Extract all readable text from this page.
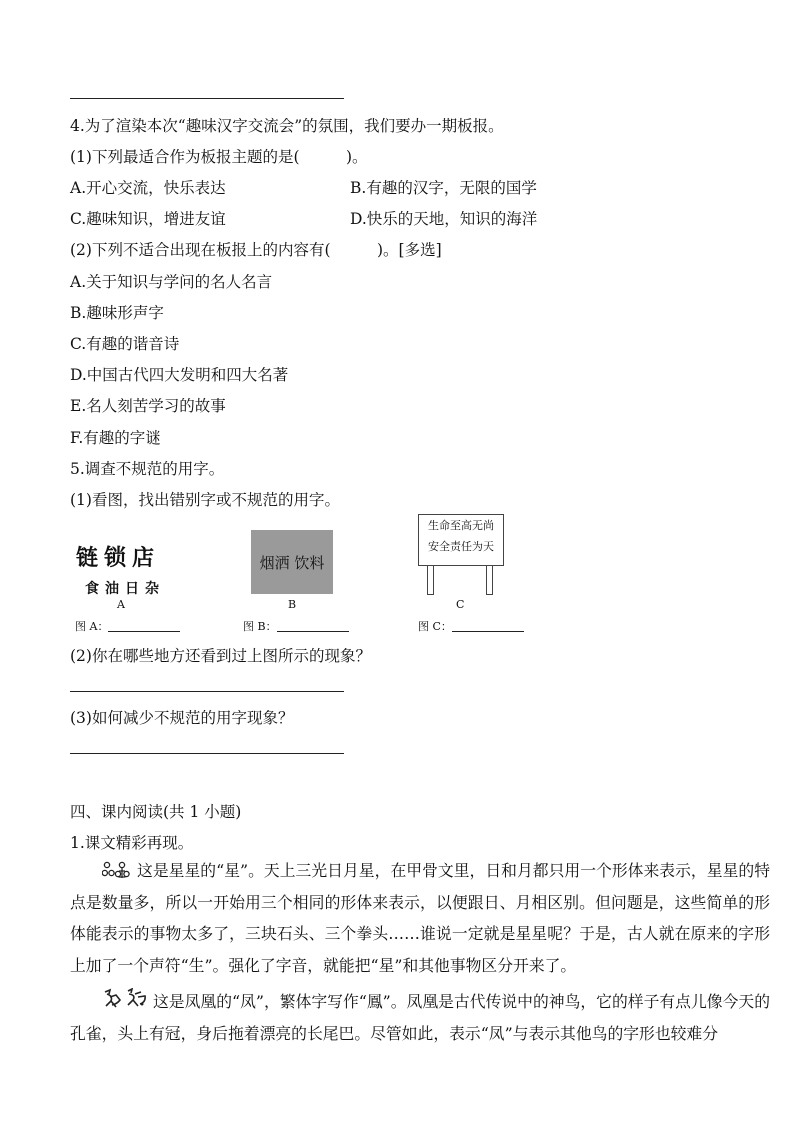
4.为了渲染本次“趣味汉字交流会”的氛围，我们要办一期板报。
(1)下列最适合作为板报主题的是(　　　)。
A.开心交流，快乐表达	B.有趣的汉字，无限的国学
C.趣味知识，增进友谊	D.快乐的天地，知识的海洋
(2)下列不适合出现在板报上的内容有(　　　)。[多选]
A.关于知识与学问的名人名言
B.趣味形声字
C.有趣的谐音诗
D.中国古代四大发明和四大名著
E.名人刻苦学习的故事
F.有趣的字谜
5.调查不规范的用字。
(1)看图，找出错别字或不规范的用字。
链锁店
食油日杂
A
图 A：
烟洒 饮料
B
图 B：
生命至高无尚
安全责任为天
C
图 C：
(2)你在哪些地方还看到过上图所示的现象？
(3)如何减少不规范的用字现象？
四、课内阅读(共 1 小题)
1.课文精彩再现。

这是星星的“星”。天上三光日月星，在甲骨文里，日和月都只用一个形体来表示，星星的特点是数量多，所以一开始用三个相同的形体来表示，以便跟日、月相区别。但问题是，这些简单的形体能表示的事物太多了，三块石头、三个拳头……谁说一定就是星星呢？于是，古人就在原来的字形上加了一个声符“生”。强化了字音，就能把“星”和其他事物区分开来了。

这是凤凰的“凤”，繁体字写作“鳳”。凤凰是古代传说中的神鸟，它的样子有点儿像今天的孔雀，头上有冠，身后拖着漂亮的长尾巴。尽管如此，表示“凤”与表示其他鸟的字形也较难分
